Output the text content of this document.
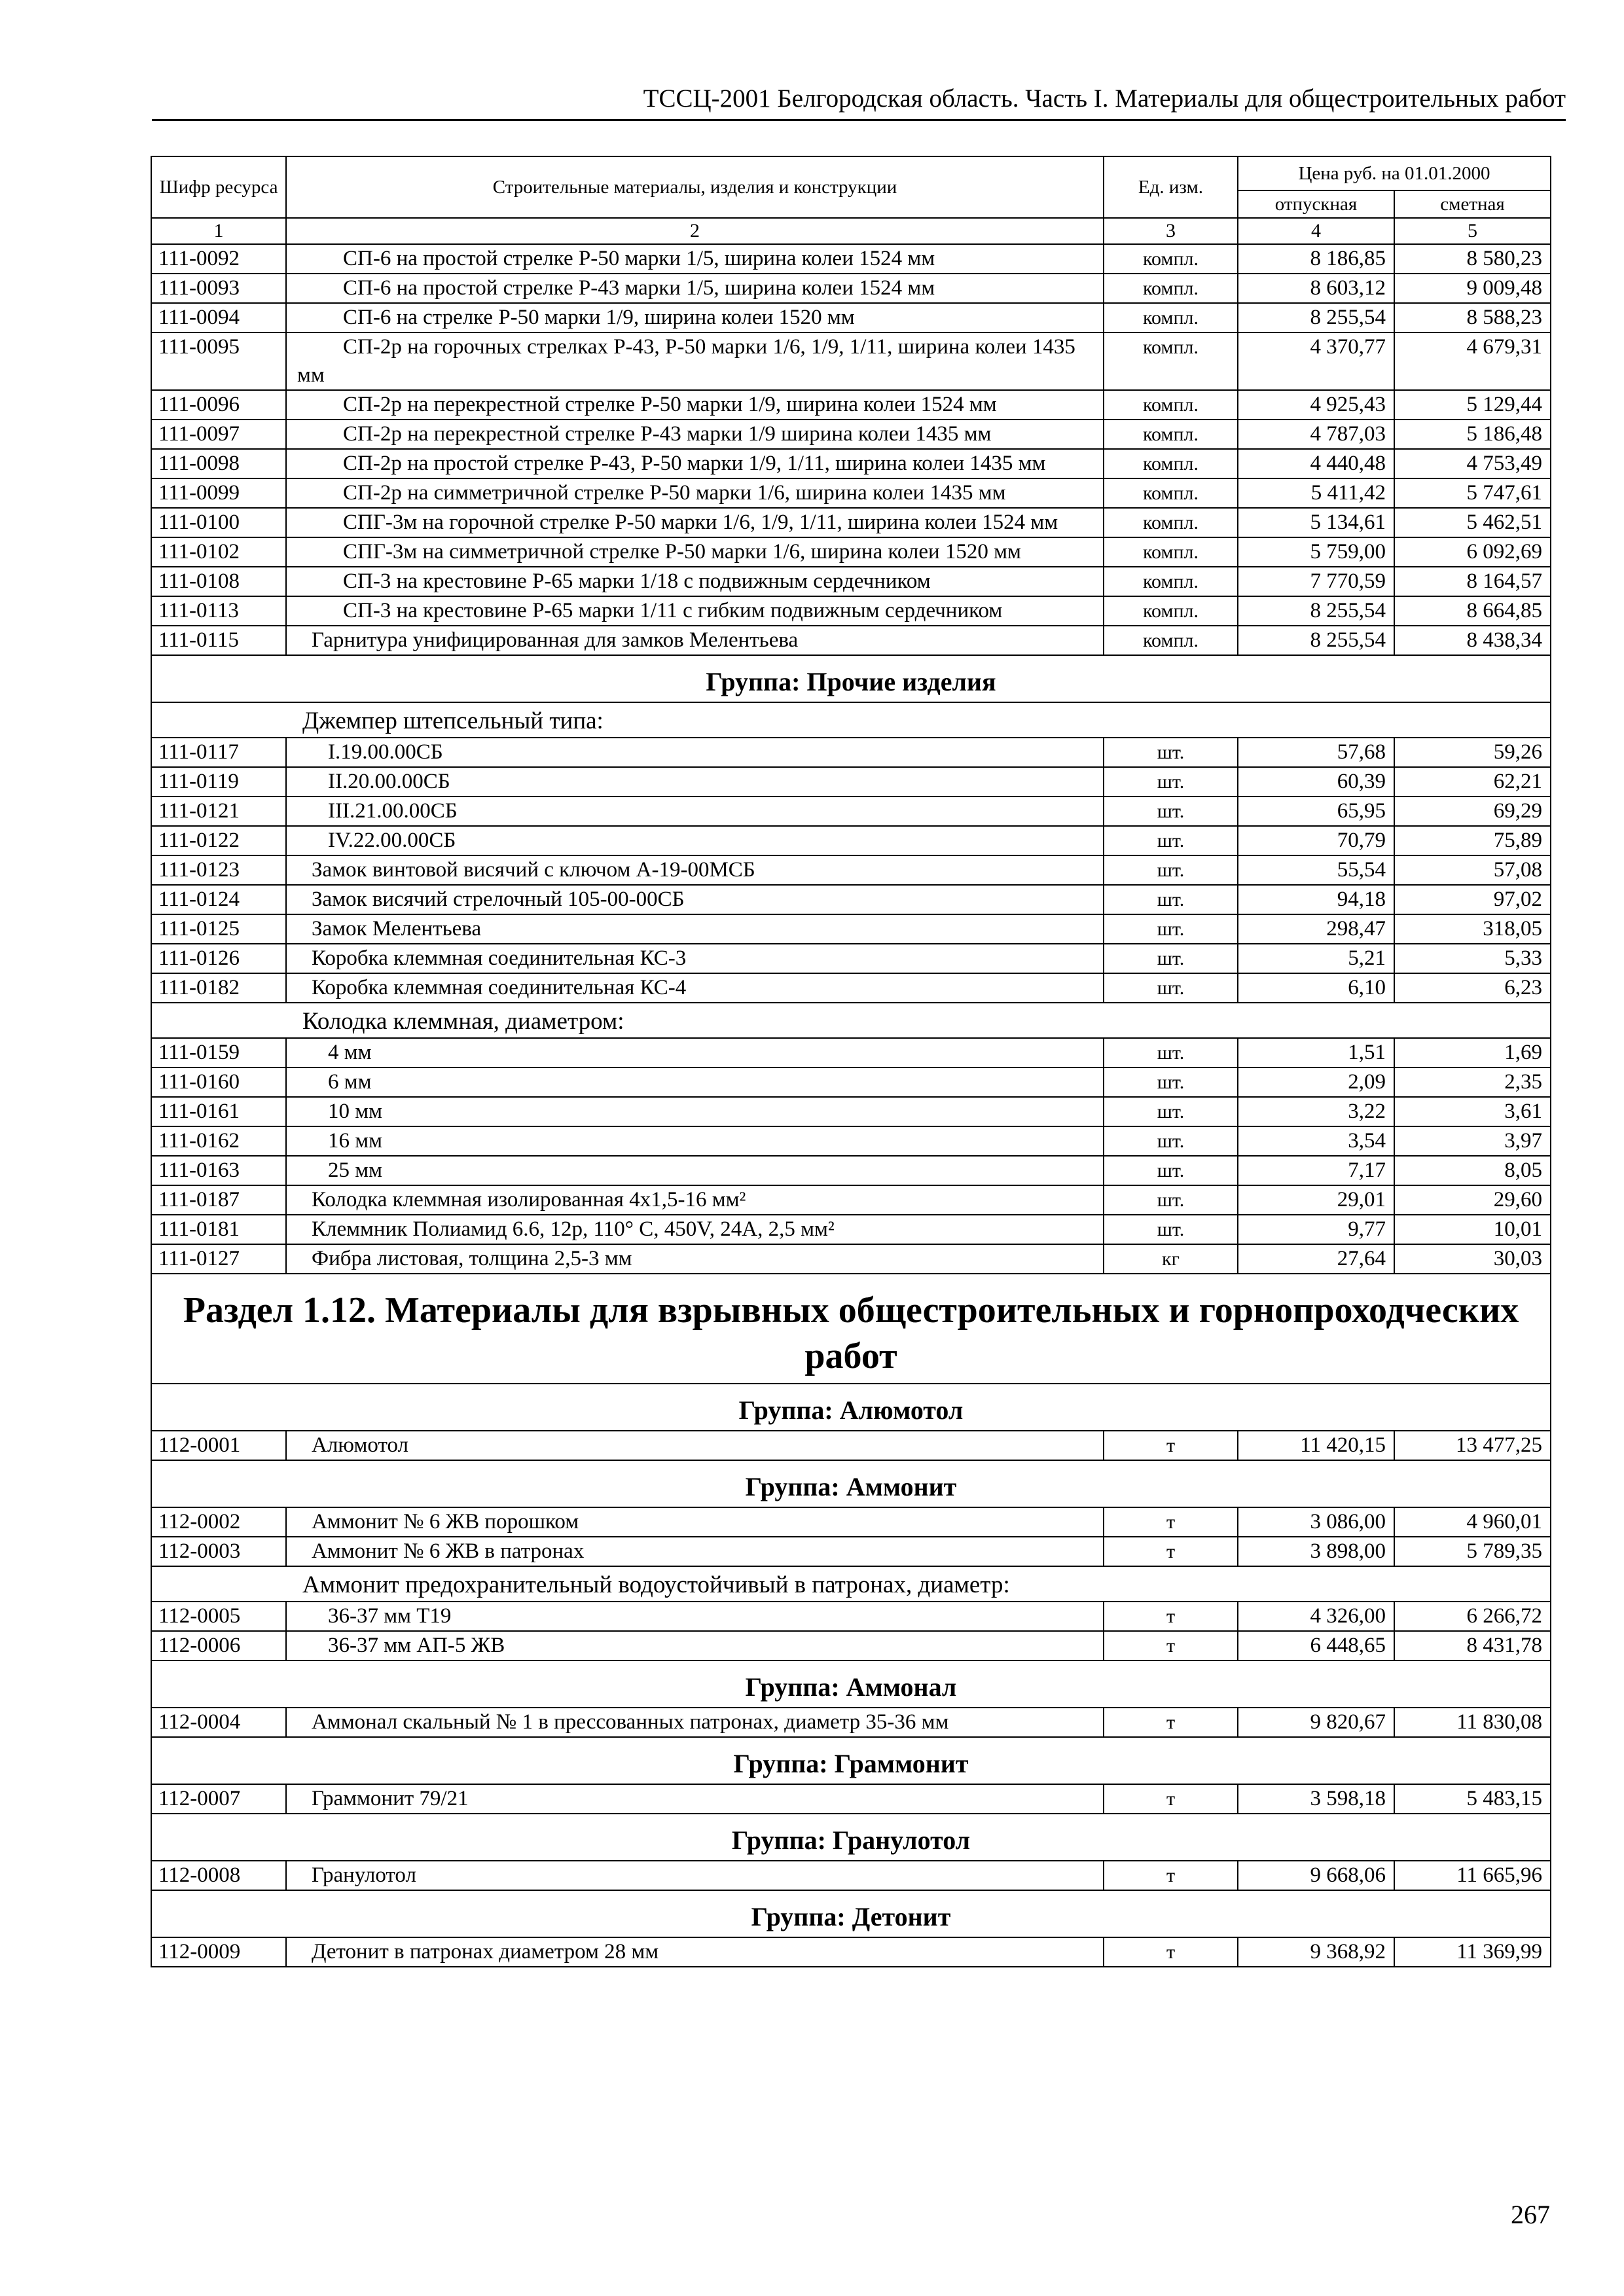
ТССЦ-2001 Белгородская область. Часть I. Материалы для общестроительных работ
Шифр ресурса	Строительные материалы, изделия и конструкции	Ед. изм.	Цена руб. на 01.01.2000	
			отпускная	сметная
1	2	3	4	5
111-0092	СП-6 на простой стрелке Р-50 марки 1/5, ширина колеи 1524 мм	компл.	8 186,85	8 580,23
111-0093	СП-6 на простой стрелке Р-43 марки 1/5, ширина колеи 1524 мм	компл.	8 603,12	9 009,48
111-0094	СП-6 на стрелке Р-50 марки 1/9, ширина колеи 1520 мм	компл.	8 255,54	8 588,23
111-0095	СП-2р на горочных стрелках Р-43, Р-50 марки 1/6, 1/9, 1/11, ширина колеи 1435 мм	компл.	4 370,77	4 679,31
111-0096	СП-2р на перекрестной стрелке Р-50 марки 1/9, ширина колеи 1524 мм	компл.	4 925,43	5 129,44
111-0097	СП-2р на перекрестной стрелке Р-43 марки 1/9 ширина колеи 1435 мм	компл.	4 787,03	5 186,48
111-0098	СП-2р на простой стрелке Р-43, Р-50 марки 1/9, 1/11, ширина колеи 1435 мм	компл.	4 440,48	4 753,49
111-0099	СП-2р на симметричной стрелке Р-50 марки 1/6, ширина колеи 1435 мм	компл.	5 411,42	5 747,61
111-0100	СПГ-3м на горочной стрелке Р-50 марки 1/6, 1/9, 1/11, ширина колеи 1524 мм	компл.	5 134,61	5 462,51
111-0102	СПГ-3м на симметричной стрелке Р-50 марки 1/6, ширина колеи 1520 мм	компл.	5 759,00	6 092,69
111-0108	СП-3 на крестовине Р-65 марки 1/18 с подвижным сердечником	компл.	7 770,59	8 164,57
111-0113	СП-3 на крестовине Р-65 марки 1/11 с гибким подвижным сердечником	компл.	8 255,54	8 664,85
111-0115	Гарнитура унифицированная для замков Мелентьева	компл.	8 255,54	8 438,34
Группа: Прочие изделия				
Джемпер штепсельный типа:				
111-0117	I.19.00.00СБ	шт.	57,68	59,26
111-0119	II.20.00.00СБ	шт.	60,39	62,21
111-0121	III.21.00.00СБ	шт.	65,95	69,29
111-0122	IV.22.00.00СБ	шт.	70,79	75,89
111-0123	Замок винтовой висячий с ключом А-19-00МСБ	шт.	55,54	57,08
111-0124	Замок висячий стрелочный 105-00-00СБ	шт.	94,18	97,02
111-0125	Замок Мелентьева	шт.	298,47	318,05
111-0126	Коробка клеммная соединительная КС-3	шт.	5,21	5,33
111-0182	Коробка клеммная соединительная КС-4	шт.	6,10	6,23
Колодка клеммная, диаметром:				
111-0159	4 мм	шт.	1,51	1,69
111-0160	6 мм	шт.	2,09	2,35
111-0161	10 мм	шт.	3,22	3,61
111-0162	16 мм	шт.	3,54	3,97
111-0163	25 мм	шт.	7,17	8,05
111-0187	Колодка клеммная изолированная 4х1,5-16 мм²	шт.	29,01	29,60
111-0181	Клеммник Полиамид 6.6, 12р, 110° С, 450V, 24А, 2,5 мм²	шт.	9,77	10,01
111-0127	Фибра листовая, толщина 2,5-3 мм	кг	27,64	30,03
Раздел 1.12. Материалы для взрывных общестроительных и горнопроходческих работ				
Группа: Алюмотол				
112-0001	Алюмотол	т	11 420,15	13 477,25
Группа: Аммонит				
112-0002	Аммонит № 6 ЖВ порошком	т	3 086,00	4 960,01
112-0003	Аммонит № 6 ЖВ в патронах	т	3 898,00	5 789,35
Аммонит предохранительный водоустойчивый в патронах, диаметр:				
112-0005	36-37 мм Т19	т	4 326,00	6 266,72
112-0006	36-37 мм АП-5 ЖВ	т	6 448,65	8 431,78
Группа: Аммонал				
112-0004	Аммонал скальный № 1 в прессованных патронах, диаметр 35-36 мм	т	9 820,67	11 830,08
Группа: Граммонит				
112-0007	Граммонит 79/21	т	3 598,18	5 483,15
Группа: Гранулотол				
112-0008	Гранулотол	т	9 668,06	11 665,96
Группа: Детонит				
112-0009	Детонит в патронах диаметром 28 мм	т	9 368,92	11 369,99
267
